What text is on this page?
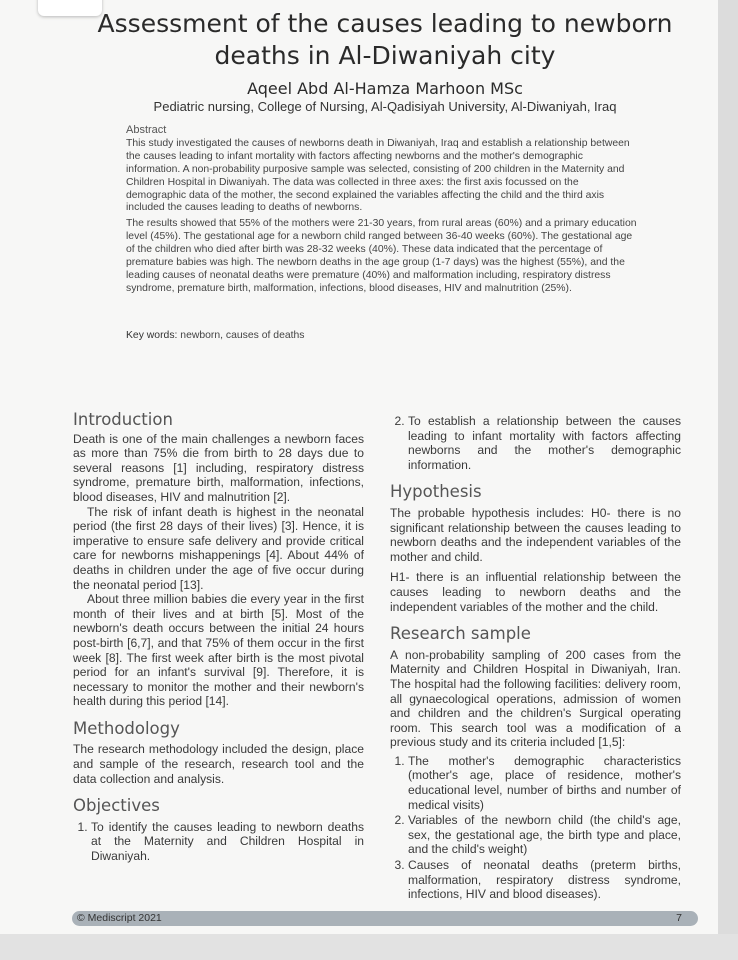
Assessment of the causes leading to newborn deaths in Al-Diwaniyah city
Aqeel Abd Al-Hamza Marhoon MSc
Pediatric nursing, College of Nursing, Al-Qadisiyah University, Al-Diwaniyah, Iraq
Abstract

This study investigated the causes of newborns death in Diwaniyah, Iraq and establish a relationship between the causes leading to infant mortality with factors affecting newborns and the mother's demographic information. A non-probability purposive sample was selected, consisting of 200 children in the Maternity and Children Hospital in Diwaniyah. The data was collected in three axes: the first axis focussed on the demographic data of the mother, the second explained the variables affecting the child and the third axis included the causes leading to deaths of newborns.

The results showed that 55% of the mothers were 21-30 years, from rural areas (60%) and a primary education level (45%). The gestational age for a newborn child ranged between 36-40 weeks (60%). The gestational age of the children who died after birth was 28-32 weeks (40%). These data indicated that the percentage of premature babies was high. The newborn deaths in the age group (1-7 days) was the highest (55%), and the leading causes of neonatal deaths were premature (40%) and malformation including, respiratory distress syndrome, premature birth, malformation, infections, blood diseases, HIV and malnutrition (25%).

Key words: newborn, causes of deaths
Introduction

Death is one of the main challenges a newborn faces as more than 75% die from birth to 28 days due to several reasons [1] including, respiratory distress syndrome, premature birth, malformation, infections, blood diseases, HIV and malnutrition [2].

The risk of infant death is highest in the neonatal period (the first 28 days of their lives) [3]. Hence, it is imperative to ensure safe delivery and provide critical care for newborns mishappenings [4]. About 44% of deaths in children under the age of five occur during the neonatal period [13].

About three million babies die every year in the first month of their lives and at birth [5]. Most of the newborn's death occurs between the initial 24 hours post-birth [6,7], and that 75% of them occur in the first week [8]. The first week after birth is the most pivotal period for an infant's survival [9]. Therefore, it is necessary to monitor the mother and their newborn's health during this period [14].

Methodology

The research methodology included the design, place and sample of the research, research tool and the data collection and analysis.

Objectives
1. To identify the causes leading to newborn deaths at the Maternity and Children Hospital in Diwaniyah.
2. To establish a relationship between the causes leading to infant mortality with factors affecting newborns and the mother's demographic information.
Hypothesis

The probable hypothesis includes: H0- there is no significant relationship between the causes leading to newborn deaths and the independent variables of the mother and child.

H1- there is an influential relationship between the causes leading to newborn deaths and the independent variables of the mother and the child.

Research sample

A non-probability sampling of 200 cases from the Maternity and Children Hospital in Diwaniyah, Iran. The hospital had the following facilities: delivery room, all gynaecological operations, admission of women and children and the children's Surgical operating room. This search tool was a modification of a previous study and its criteria included [1,5]:

1. The mother's demographic characteristics (mother's age, place of residence, mother's educational level, number of births and number of medical visits)
2. Variables of the newborn child (the child's age, sex, the gestational age, the birth type and place, and the child's weight)
3. Causes of neonatal deaths (preterm births, malformation, respiratory distress syndrome, infections, HIV and blood diseases).
© Mediscript 2021	7
